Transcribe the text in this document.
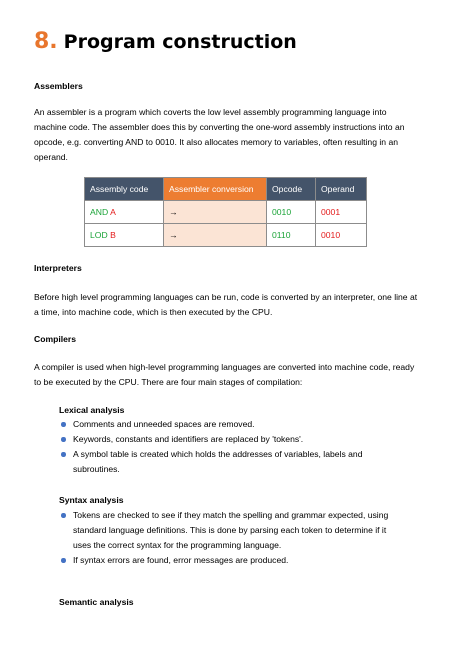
8. Program construction
Assemblers

An assembler is a program which coverts the low level assembly programming language into machine code. The assembler does this by converting the one-word assembly instructions into an opcode, e.g. converting AND to 0010. It also allocates memory to variables, often resulting in an operand.

Assembly code	Assembler conversion	Opcode	Operand
AND A	→	0010	0001
LOD B	→	0110	0010
Interpreters

Before high level programming languages can be run, code is converted by an interpreter, one line at a time, into machine code, which is then executed by the CPU.

Compilers

A compiler is used when high-level programming languages are converted into machine code, ready to be executed by the CPU. There are four main stages of compilation:

Lexical analysis
Comments and unneeded spaces are removed.
Keywords, constants and identifiers are replaced by 'tokens'.
A symbol table is created which holds the addresses of variables, labels and subroutines.
Syntax analysis
Tokens are checked to see if they match the spelling and grammar expected, using standard language definitions. This is done by parsing each token to determine if it uses the correct syntax for the programming language.
If syntax errors are found, error messages are produced.
Semantic analysis
